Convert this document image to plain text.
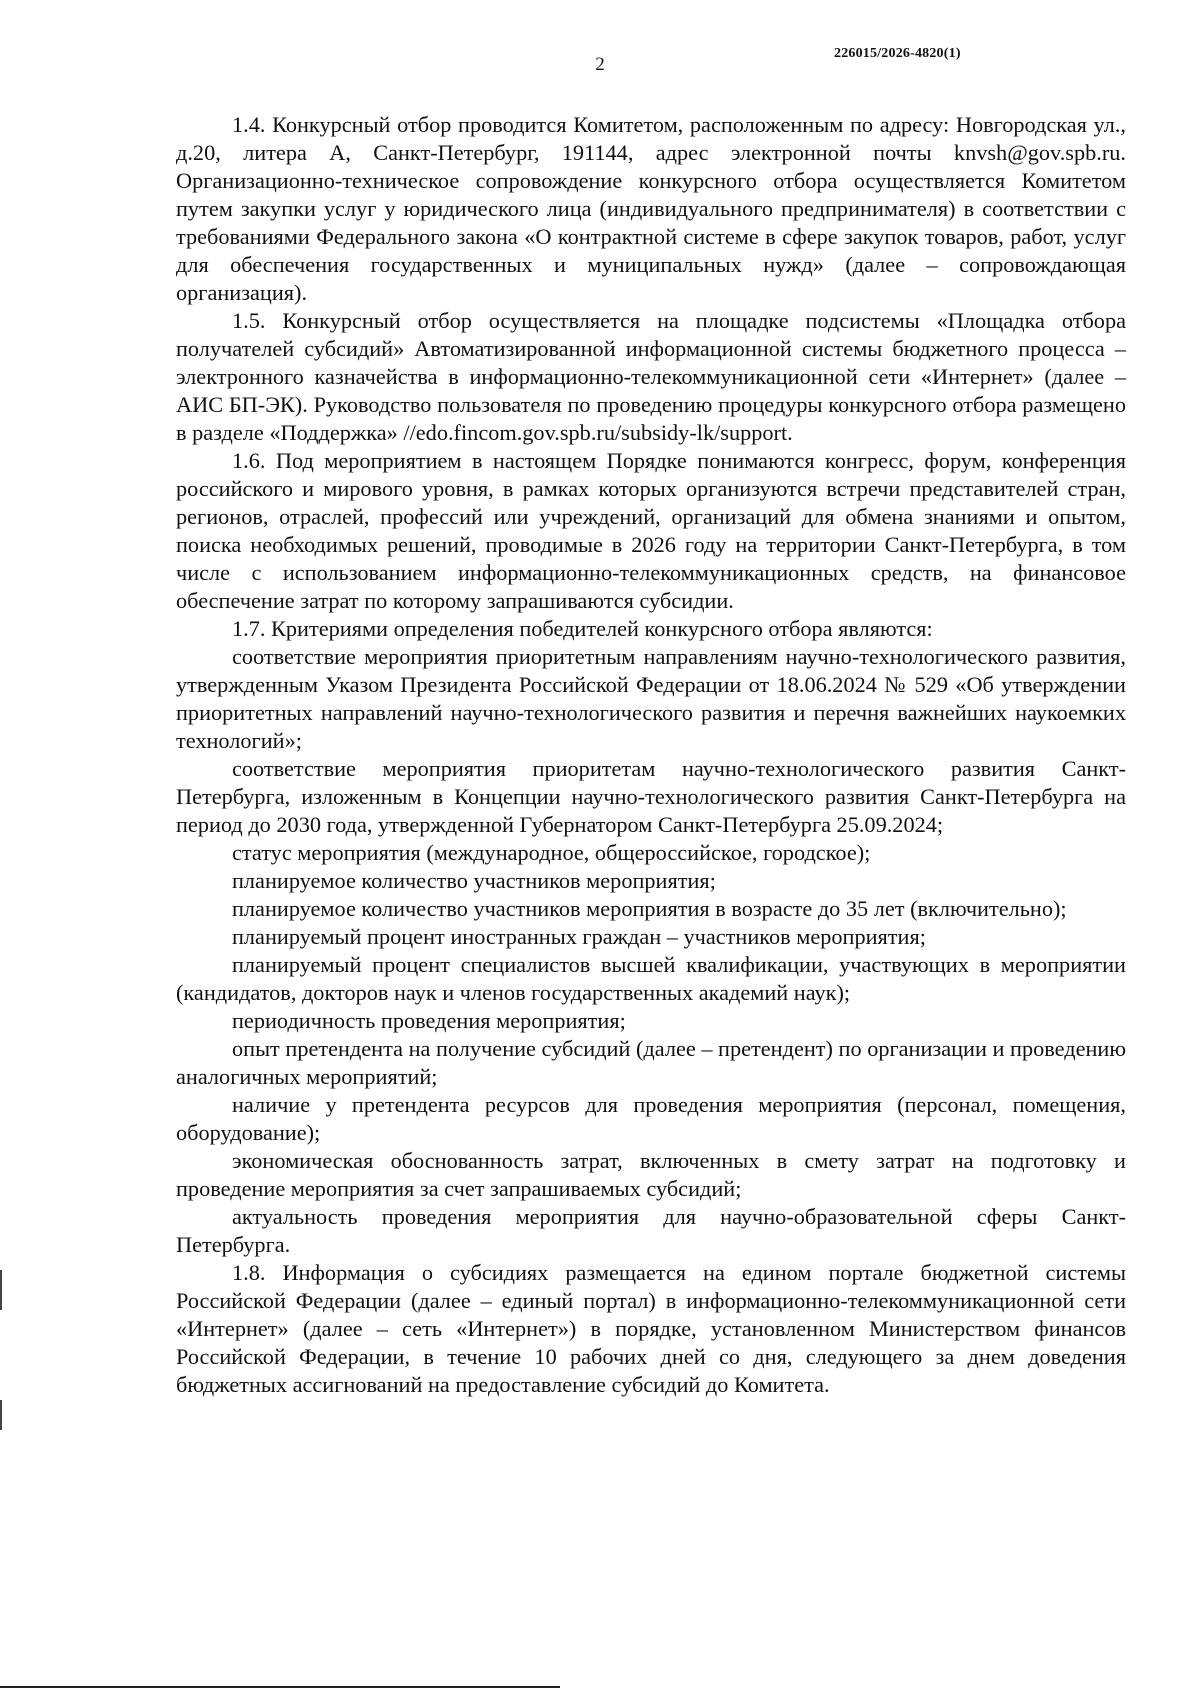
2
226015/2026-4820(1)

1.4. Конкурсный отбор проводится Комитетом, расположенным по адресу: Новгородская ул., д.20, литера А, Санкт-Петербург, 191144, адрес электронной почты knvsh@gov.spb.ru. Организационно-техническое сопровождение конкурсного отбора осуществляется Комитетом путем закупки услуг у юридического лица (индивидуального предпринимателя) в соответствии с требованиями Федерального закона «О контрактной системе в сфере закупок товаров, работ, услуг для обеспечения государственных и муниципальных нужд» (далее – сопровождающая организация).

1.5. Конкурсный отбор осуществляется на площадке подсистемы «Площадка отбора получателей субсидий» Автоматизированной информационной системы бюджетного процесса – электронного казначейства в информационно-телекоммуникационной сети «Интернет» (далее – АИС БП-ЭК). Руководство пользователя по проведению процедуры конкурсного отбора размещено в разделе «Поддержка» //edo.fincom.gov.spb.ru/subsidy-lk/support.

1.6. Под мероприятием в настоящем Порядке понимаются конгресс, форум, конференция российского и мирового уровня, в рамках которых организуются встречи представителей стран, регионов, отраслей, профессий или учреждений, организаций для обмена знаниями и опытом, поиска необходимых решений, проводимые в 2026 году на территории Санкт-Петербурга, в том числе с использованием информационно-телекоммуникационных средств, на финансовое обеспечение затрат по которому запрашиваются субсидии.

1.7. Критериями определения победителей конкурсного отбора являются:

соответствие мероприятия приоритетным направлениям научно-технологического развития, утвержденным Указом Президента Российской Федерации от 18.06.2024 № 529 «Об утверждении приоритетных направлений научно-технологического развития и перечня важнейших наукоемких технологий»;

соответствие мероприятия приоритетам научно-технологического развития Санкт-Петербурга, изложенным в Концепции научно-технологического развития Санкт-Петербурга на период до 2030 года, утвержденной Губернатором Санкт-Петербурга 25.09.2024;

статус мероприятия (международное, общероссийское, городское);

планируемое количество участников мероприятия;

планируемое количество участников мероприятия в возрасте до 35 лет (включительно);

планируемый процент иностранных граждан – участников мероприятия;

планируемый процент специалистов высшей квалификации, участвующих в мероприятии (кандидатов, докторов наук и членов государственных академий наук);

периодичность проведения мероприятия;

опыт претендента на получение субсидий (далее – претендент) по организации и проведению аналогичных мероприятий;

наличие у претендента ресурсов для проведения мероприятия (персонал, помещения, оборудование);

экономическая обоснованность затрат, включенных в смету затрат на подготовку и проведение мероприятия за счет запрашиваемых субсидий;

актуальность проведения мероприятия для научно-образовательной сферы Санкт-Петербурга.

1.8. Информация о субсидиях размещается на едином портале бюджетной системы Российской Федерации (далее – единый портал) в информационно-телекоммуникационной сети «Интернет» (далее – сеть «Интернет») в порядке, установленном Министерством финансов Российской Федерации, в течение 10 рабочих дней со дня, следующего за днем доведения бюджетных ассигнований на предоставление субсидий до Комитета.
